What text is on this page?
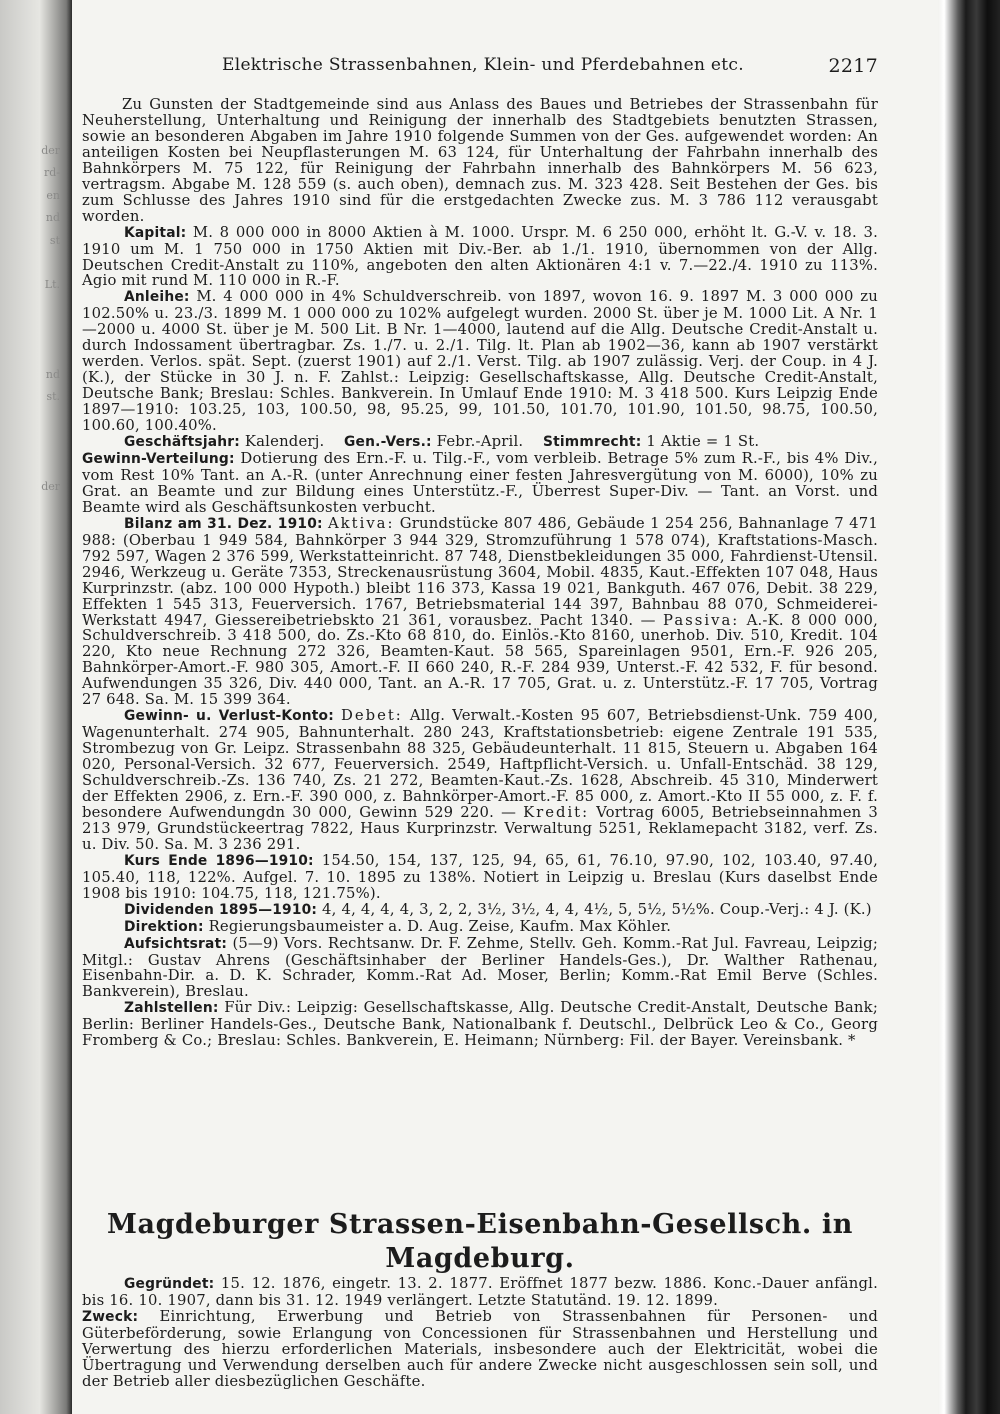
der
rd-
en
nd
st

Lt.

nd
st.

der

Elektrische Strassenbahnen, Klein- und Pferdebahnen etc.	2217

Zu Gunsten der Stadtgemeinde sind aus Anlass des Baues und Betriebes der Strassenbahn für Neuherstellung, Unterhaltung und Reinigung der innerhalb des Stadtgebiets benutzten Strassen, sowie an besonderen Abgaben im Jahre 1910 folgende Summen von der Ges. aufgewendet worden: An anteiligen Kosten bei Neupflasterungen M. 63 124, für Unterhaltung der Fahrbahn innerhalb des Bahnkörpers M. 75 122, für Reinigung der Fahrbahn innerhalb des Bahnkörpers M. 56 623, vertragsm. Abgabe M. 128 559 (s. auch oben), demnach zus. M. 323 428. Seit Bestehen der Ges. bis zum Schlusse des Jahres 1910 sind für die erstgedachten Zwecke zus. M. 3 786 112 verausgabt worden.

Kapital: M. 8 000 000 in 8000 Aktien à M. 1000. Urspr. M. 6 250 000, erhöht lt. G.-V. v. 18. 3. 1910 um M. 1 750 000 in 1750 Aktien mit Div.-Ber. ab 1./1. 1910, übernommen von der Allg. Deutschen Credit-Anstalt zu 110%, angeboten den alten Aktionären 4:1 v. 7.—22./4. 1910 zu 113%. Agio mit rund M. 110 000 in R.-F.

Anleihe: M. 4 000 000 in 4% Schuldverschreib. von 1897, wovon 16. 9. 1897 M. 3 000 000 zu 102.50% u. 23./3. 1899 M. 1 000 000 zu 102% aufgelegt wurden. 2000 St. über je M. 1000 Lit. A Nr. 1—2000 u. 4000 St. über je M. 500 Lit. B Nr. 1—4000, lautend auf die Allg. Deutsche Credit-Anstalt u. durch Indossament übertragbar. Zs. 1./7. u. 2./1. Tilg. lt. Plan ab 1902—36, kann ab 1907 verstärkt werden. Verlos. spät. Sept. (zuerst 1901) auf 2./1. Verst. Tilg. ab 1907 zulässig. Verj. der Coup. in 4 J. (K.), der Stücke in 30 J. n. F. Zahlst.: Leipzig: Gesellschaftskasse, Allg. Deutsche Credit-Anstalt, Deutsche Bank; Breslau: Schles. Bankverein. In Umlauf Ende 1910: M. 3 418 500. Kurs Leipzig Ende 1897—1910: 103.25, 103, 100.50, 98, 95.25, 99, 101.50, 101.70, 101.90, 101.50, 98.75, 100.50, 100.60, 100.40%.

Geschäftsjahr: Kalenderj. Gen.-Vers.: Febr.-April. Stimmrecht: 1 Aktie = 1 St.

Gewinn-Verteilung: Dotierung des Ern.-F. u. Tilg.-F., vom verbleib. Betrage 5% zum R.-F., bis 4% Div., vom Rest 10% Tant. an A.-R. (unter Anrechnung einer festen Jahresvergütung von M. 6000), 10% zu Grat. an Beamte und zur Bildung eines Unterstütz.-F., Überrest Super-Div. — Tant. an Vorst. und Beamte wird als Geschäftsunkosten verbucht.

Bilanz am 31. Dez. 1910: Aktiva: Grundstücke 807 486, Gebäude 1 254 256, Bahnanlage 7 471 988: (Oberbau 1 949 584, Bahnkörper 3 944 329, Stromzuführung 1 578 074), Kraftstations-Masch. 792 597, Wagen 2 376 599, Werkstatteinricht. 87 748, Dienstbekleidungen 35 000, Fahrdienst-Utensil. 2946, Werkzeug u. Geräte 7353, Streckenausrüstung 3604, Mobil. 4835, Kaut.-Effekten 107 048, Haus Kurprinzstr. (abz. 100 000 Hypoth.) bleibt 116 373, Kassa 19 021, Bankguth. 467 076, Debit. 38 229, Effekten 1 545 313, Feuerversich. 1767, Betriebsmaterial 144 397, Bahnbau 88 070, Schmeiderei-Werkstatt 4947, Giessereibetriebskto 21 361, vorausbez. Pacht 1340. — Passiva: A.-K. 8 000 000, Schuldverschreib. 3 418 500, do. Zs.-Kto 68 810, do. Einlös.-Kto 8160, unerhob. Div. 510, Kredit. 104 220, Kto neue Rechnung 272 326, Beamten-Kaut. 58 565, Spareinlagen 9501, Ern.-F. 926 205, Bahnkörper-Amort.-F. 980 305, Amort.-F. II 660 240, R.-F. 284 939, Unterst.-F. 42 532, F. für besond. Aufwendungen 35 326, Div. 440 000, Tant. an A.-R. 17 705, Grat. u. z. Unterstütz.-F. 17 705, Vortrag 27 648. Sa. M. 15 399 364.

Gewinn- u. Verlust-Konto: Debet: Allg. Verwalt.-Kosten 95 607, Betriebsdienst-Unk. 759 400, Wagenunterhalt. 274 905, Bahnunterhalt. 280 243, Kraftstationsbetrieb: eigene Zentrale 191 535, Strombezug von Gr. Leipz. Strassenbahn 88 325, Gebäudeunterhalt. 11 815, Steuern u. Abgaben 164 020, Personal-Versich. 32 677, Feuerversich. 2549, Haftpflicht-Versich. u. Unfall-Entschäd. 38 129, Schuldverschreib.-Zs. 136 740, Zs. 21 272, Beamten-Kaut.-Zs. 1628, Abschreib. 45 310, Minderwert der Effekten 2906, z. Ern.-F. 390 000, z. Bahnkörper-Amort.-F. 85 000, z. Amort.-Kto II 55 000, z. F. f. besondere Aufwendungdn 30 000, Gewinn 529 220. — Kredit: Vortrag 6005, Betriebseinnahmen 3 213 979, Grundstückeertrag 7822, Haus Kurprinzstr. Verwaltung 5251, Reklamepacht 3182, verf. Zs. u. Div. 50. Sa. M. 3 236 291.

Kurs Ende 1896—1910: 154.50, 154, 137, 125, 94, 65, 61, 76.10, 97.90, 102, 103.40, 97.40, 105.40, 118, 122%. Aufgel. 7. 10. 1895 zu 138%. Notiert in Leipzig u. Breslau (Kurs daselbst Ende 1908 bis 1910: 104.75, 118, 121.75%).

Dividenden 1895—1910: 4, 4, 4, 4, 4, 3, 2, 2, 3½, 3½, 4, 4, 4½, 5, 5½, 5½%. Coup.-Verj.: 4 J. (K.)

Direktion: Regierungsbaumeister a. D. Aug. Zeise, Kaufm. Max Köhler.

Aufsichtsrat: (5—9) Vors. Rechtsanw. Dr. F. Zehme, Stellv. Geh. Komm.-Rat Jul. Favreau, Leipzig; Mitgl.: Gustav Ahrens (Geschäftsinhaber der Berliner Handels-Ges.), Dr. Walther Rathenau, Eisenbahn-Dir. a. D. K. Schrader, Komm.-Rat Ad. Moser, Berlin; Komm.-Rat Emil Berve (Schles. Bankverein), Breslau.

Zahlstellen: Für Div.: Leipzig: Gesellschaftskasse, Allg. Deutsche Credit-Anstalt, Deutsche Bank; Berlin: Berliner Handels-Ges., Deutsche Bank, Nationalbank f. Deutschl., Delbrück Leo & Co., Georg Fromberg & Co.; Breslau: Schles. Bankverein, E. Heimann; Nürnberg: Fil. der Bayer. Vereinsbank. *

Magdeburger Strassen-Eisenbahn-Gesellsch. in Magdeburg.

Gegründet: 15. 12. 1876, eingetr. 13. 2. 1877. Eröffnet 1877 bezw. 1886. Konc.-Dauer anfängl. bis 16. 10. 1907, dann bis 31. 12. 1949 verlängert. Letzte Statutänd. 19. 12. 1899.

Zweck: Einrichtung, Erwerbung und Betrieb von Strassenbahnen für Personen- und Güterbeförderung, sowie Erlangung von Concessionen für Strassenbahnen und Herstellung und Verwertung des hierzu erforderlichen Materials, insbesondere auch der Elektricität, wobei die Übertragung und Verwendung derselben auch für andere Zwecke nicht ausgeschlossen sein soll, und der Betrieb aller diesbezüglichen Geschäfte.
